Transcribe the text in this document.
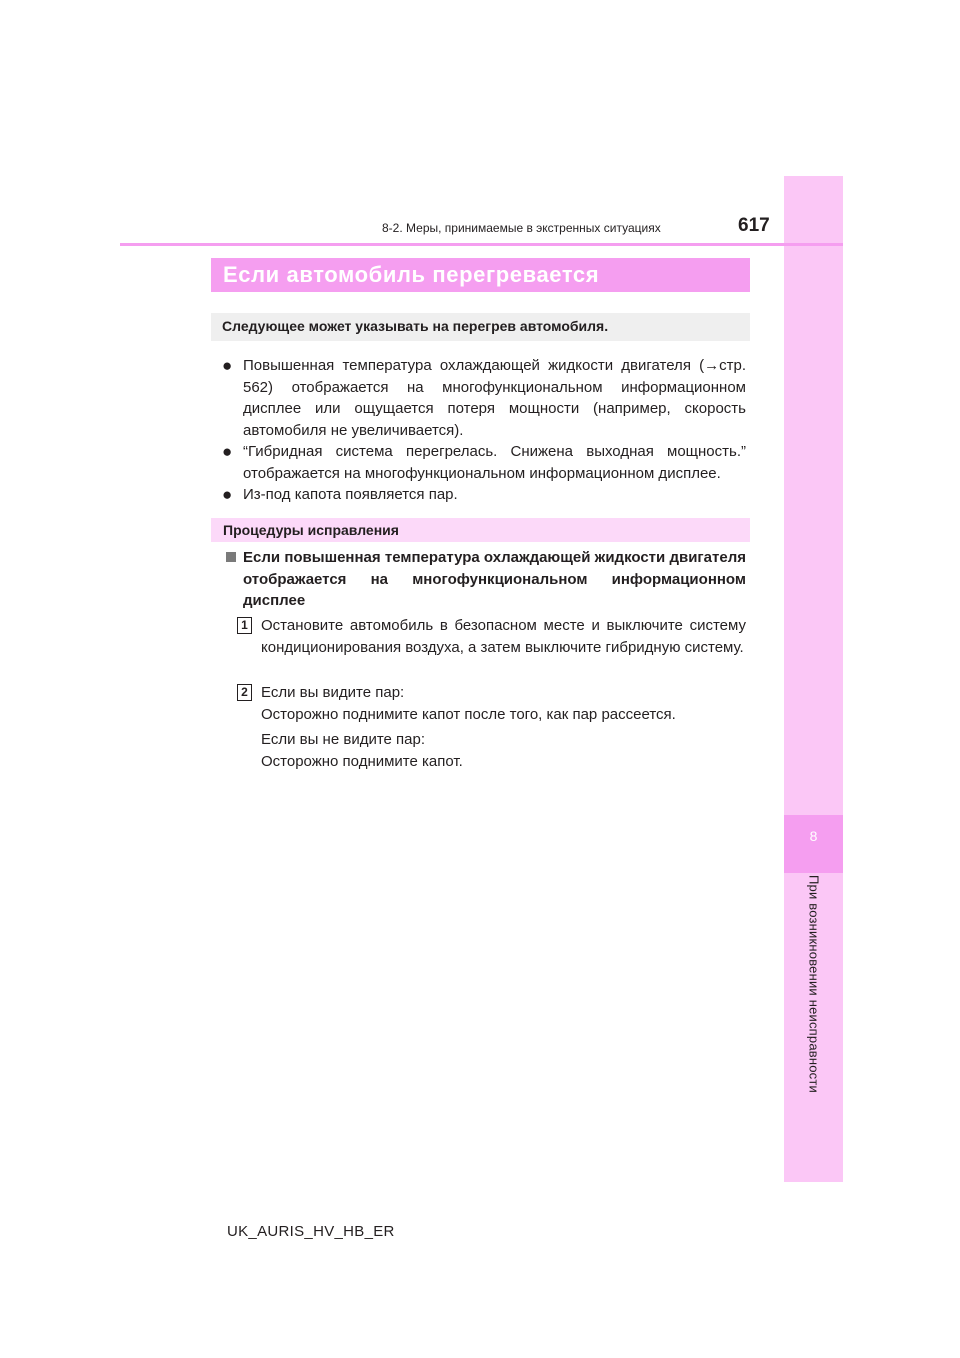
8
При возникновении неисправности
8-2. Меры, принимаемые в экстренных ситуациях	617
Если автомобиль перегревается
Следующее может указывать на перегрев автомобиля.
● Повышенная температура охлаждающей жидкости двигателя (→стр. 562) отображается на многофункциональном информационном дисплее или ощущается потеря мощности (например, скорость автомобиля не увеличивается).
● “Гибридная система перегрелась. Снижена выходная мощность.” отображается на многофункциональном информационном дисплее.
● Из-под капота появляется пар.
Процедуры исправления
Если повышенная температура охлаждающей жидкости двигателя отображается на многофункциональном информационном дисплее
1 Остановите автомобиль в безопасном месте и выключите систему кондиционирования воздуха, а затем выключите гибридную систему.
2 Если вы видите пар:
Осторожно поднимите капот после того, как пар рассеется.
Если вы не видите пар:
Осторожно поднимите капот.
UK_AURIS_HV_HB_ER
